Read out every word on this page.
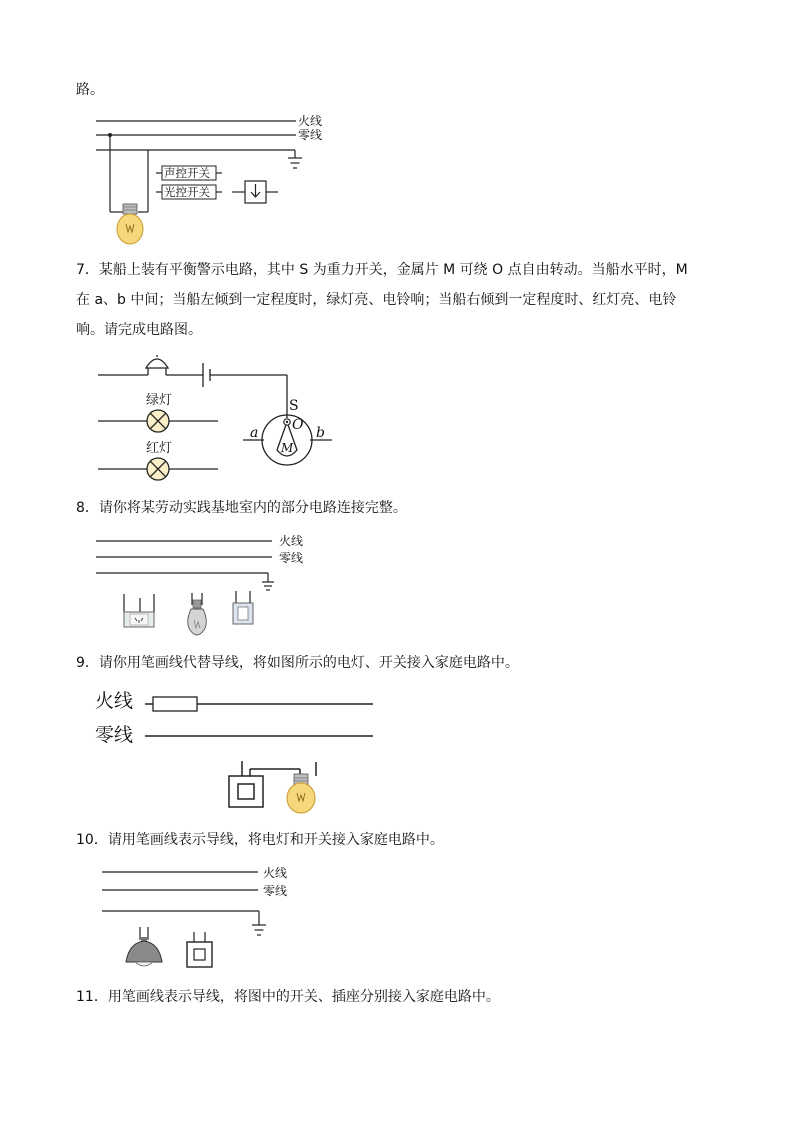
路。
火线
零线
声控开关
光控开关
7．某船上装有平衡警示电路，其中 S 为重力开关，金属片 M 可绕 O 点自由转动。当船水平时，M
在 a、b 中间；当船左倾到一定程度时，绿灯亮、电铃响；当船右倾到一定程度时、红灯亮、电铃
响。请完成电路图。
绿灯
红灯
S
O
M
a	b
8．请你将某劳动实践基地室内的部分电路连接完整。
火线
零线
9．请你用笔画线代替导线，将如图所示的电灯、开关接入家庭电路中。
火线
零线
10．请用笔画线表示导线，将电灯和开关接入家庭电路中。
火线
零线
11．用笔画线表示导线，将图中的开关、插座分别接入家庭电路中。
